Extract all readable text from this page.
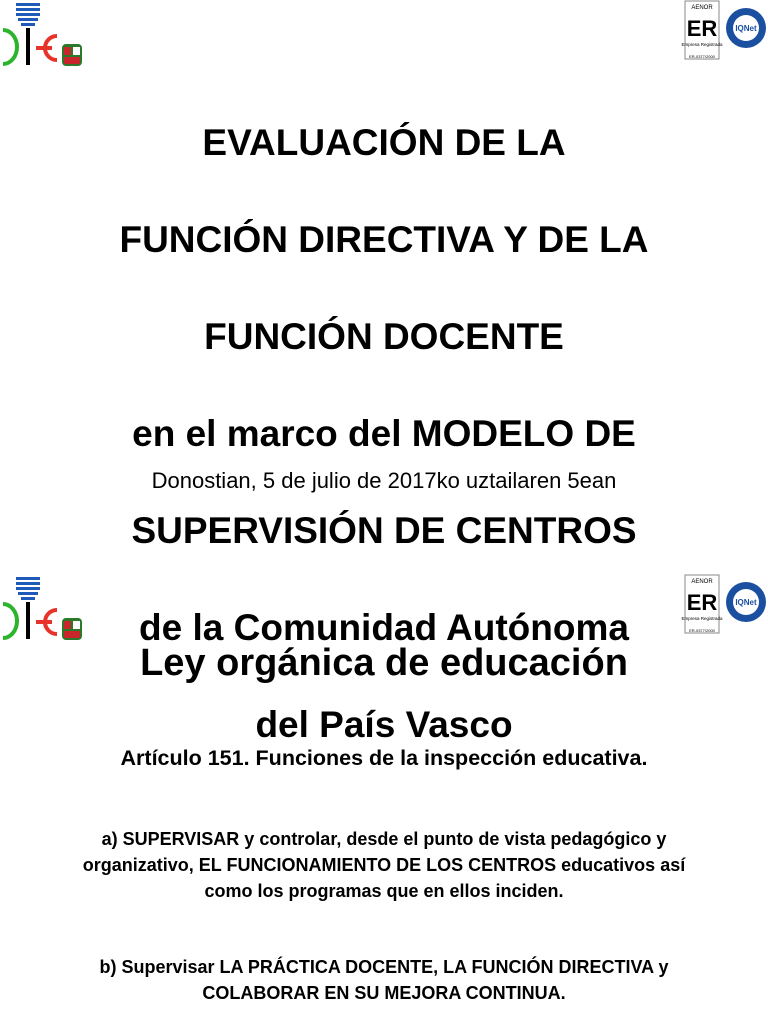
AENOR
ER
Empresa Registrada
ER-0377/2000
IQNet

EVALUACIÓN DE LA

FUNCIÓN DIRECTIVA Y DE LA

FUNCIÓN DOCENTE

en el marco del MODELO DE

SUPERVISIÓN DE CENTROS

de la Comunidad Autónoma

del País Vasco

Donostian, 5 de julio de 2017ko uztailaren 5ean
AENOR
ER
Empresa Registrada
ER-0377/2000
IQNet
Ley orgánica de educación
Artículo 151. Funciones de la inspección educativa.
a) SUPERVISAR y controlar, desde el punto de vista pedagógico y organizativo, EL FUNCIONAMIENTO DE LOS CENTROS educativos así como los programas que en ellos inciden.
b) Supervisar LA PRÁCTICA DOCENTE, LA FUNCIÓN DIRECTIVA y COLABORAR EN SU MEJORA CONTINUA.
